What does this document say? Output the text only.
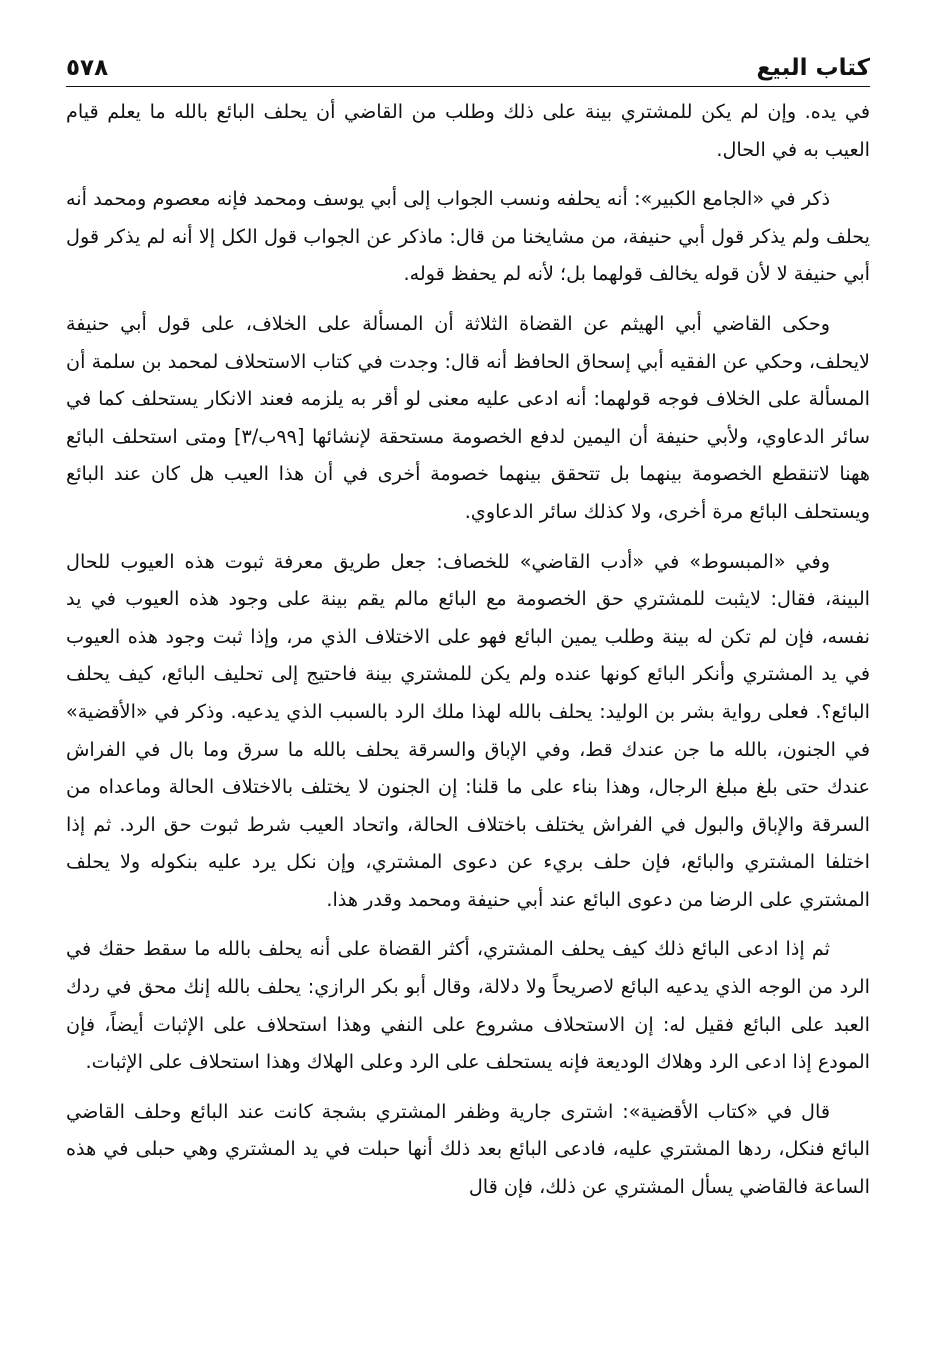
٥٧٨	كتاب البيع

في يده. وإن لم يكن للمشتري بينة على ذلك وطلب من القاضي أن يحلف البائع بالله ما يعلم قيام العيب به في الحال.

ذكر في «الجامع الكبير»: أنه يحلفه ونسب الجواب إلى أبي يوسف ومحمد فإنه معصوم ومحمد أنه يحلف ولم يذكر قول أبي حنيفة، من مشايخنا من قال: ماذكر عن الجواب قول الكل إلا أنه لم يذكر قول أبي حنيفة لا لأن قوله يخالف قولهما بل؛ لأنه لم يحفظ قوله.

وحكى القاضي أبي الهيثم عن القضاة الثلاثة أن المسألة على الخلاف، على قول أبي حنيفة لايحلف، وحكي عن الفقيه أبي إسحاق الحافظ أنه قال: وجدت في كتاب الاستحلاف لمحمد بن سلمة أن المسألة على الخلاف فوجه قولهما: أنه ادعى عليه معنى لو أقر به يلزمه فعند الانكار يستحلف كما في سائر الدعاوي، ولأبي حنيفة أن اليمين لدفع الخصومة مستحقة لإنشائها [٩٩ب/٣] ومتى استحلف البائع ههنا لاتنقطع الخصومة بينهما بل تتحقق بينهما خصومة أخرى في أن هذا العيب هل كان عند البائع ويستحلف البائع مرة أخرى، ولا كذلك سائر الدعاوي.

وفي «المبسوط» في «أدب القاضي» للخصاف: جعل طريق معرفة ثبوت هذه العيوب للحال البينة، فقال: لايثبت للمشتري حق الخصومة مع البائع مالم يقم بينة على وجود هذه العيوب في يد نفسه، فإن لم تكن له بينة وطلب يمين البائع فهو على الاختلاف الذي مر، وإذا ثبت وجود هذه العيوب في يد المشتري وأنكر البائع كونها عنده ولم يكن للمشتري بينة فاحتيج إلى تحليف البائع، كيف يحلف البائع؟. فعلى رواية بشر بن الوليد: يحلف بالله لهذا ملك الرد بالسبب الذي يدعيه. وذكر في «الأقضية» في الجنون، بالله ما جن عندك قط، وفي الإباق والسرقة يحلف بالله ما سرق وما بال في الفراش عندك حتى بلغ مبلغ الرجال، وهذا بناء على ما قلنا: إن الجنون لا يختلف بالاختلاف الحالة وماعداه من السرقة والإباق والبول في الفراش يختلف باختلاف الحالة، واتحاد العيب شرط ثبوت حق الرد. ثم إذا اختلفا المشتري والبائع، فإن حلف بريء عن دعوى المشتري، وإن نكل يرد عليه بنكوله ولا يحلف المشتري على الرضا من دعوى البائع عند أبي حنيفة ومحمد وقدر هذا.

ثم إذا ادعى البائع ذلك كيف يحلف المشتري، أكثر القضاة على أنه يحلف بالله ما سقط حقك في الرد من الوجه الذي يدعيه البائع لاصريحاً ولا دلالة، وقال أبو بكر الرازي: يحلف بالله إنك محق في ردك العبد على البائع فقيل له: إن الاستحلاف مشروع على النفي وهذا استحلاف على الإثبات أيضاً، فإن المودع إذا ادعى الرد وهلاك الوديعة فإنه يستحلف على الرد وعلى الهلاك وهذا استحلاف على الإثبات.

قال في «كتاب الأقضية»: اشترى جارية وظفر المشتري بشجة كانت عند البائع وحلف القاضي البائع فنكل، ردها المشتري عليه، فادعى البائع بعد ذلك أنها حبلت في يد المشتري وهي حبلى في هذه الساعة فالقاضي يسأل المشتري عن ذلك، فإن قال
